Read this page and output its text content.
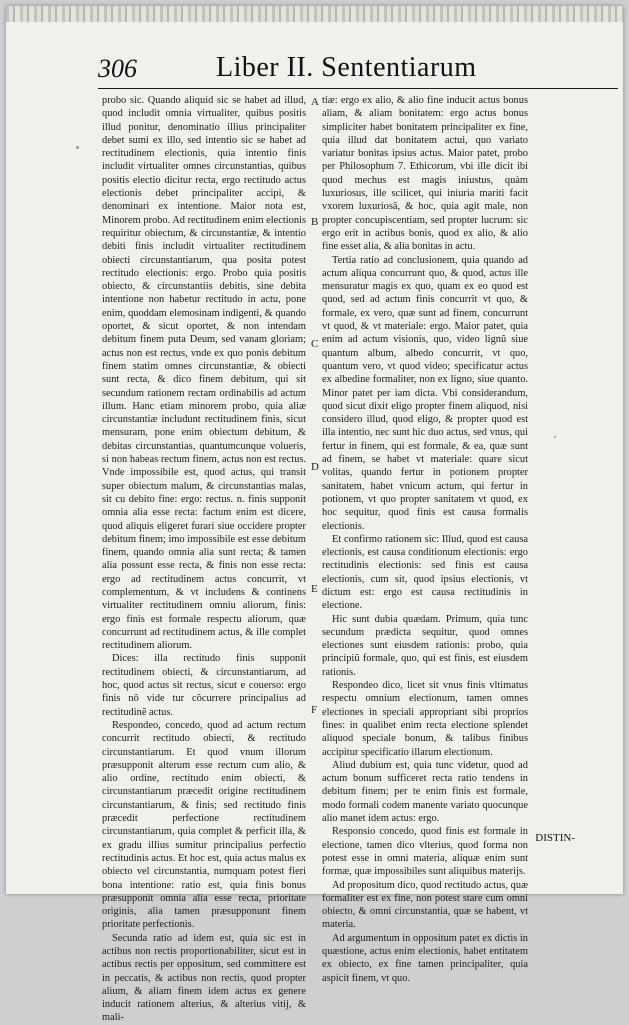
306	Liber II. Sententiarum

probo sic. Quando aliquid sic se habet ad illud, quod includit omnia virtualiter, quibus positis illud ponitur, denominatio illius principaliter debet sumi ex illo, sed intentio sic se habet ad rectitudinem electionis, quia intentio finis includit virtualiter omnes circunstantias, quibus positis electio dicitur recta, ergo rectitudo actus electionis debet principaliter accipi, & denominari ex intentione. Maior nota est, Minorem probo. Ad rectitudinem enim electionis requiritur obiectum, & circunstantiæ, & intentio debiti finis includit virtualiter rectitudinem obiecti circunstantiarum, qua posita potest rectitudo electionis: ergo. Probo quia positis obiecto, & circunstantiis debitis, sine debita intentione non habetur rectitudo in actu, pone enim, quoddam elemosinam indigenti, & quando oportet, & sicut oportet, & non intendam debitum finem puta Deum, sed vanam gloriam; actus non est rectus, vnde ex quo ponis debitum finem statim omnes circunstantiæ, & obiecti sunt recta, & dico finem debitum, qui sit secundum rationem rectam ordinabilis ad actum illum. Hanc etiam minorem probo, quia aliæ circunstantiæ includunt rectitudinem finis, sicut mensuram, pone enim obiectum debitum, & debitas circunstantias, quantumcunque volueris, si non habeas rectum finem, actus non est rectus. Vnde impossibile est, quod actus, qui transit super obiectum malum, & circunstantias malas, sit cu debito fine: ergo: rectus. n. finis supponit omnia alia esse recta: factum enim est dicere, quod aliquis eligeret furari siue occidere propter debitum finem; imo impossibile est esse debitum finem, quando omnia alia sunt recta; & tamen alia possunt esse recta, & finis non esse recta: ergo ad rectitudinem actus concurrit, vt complementum, & vt includens & continens virtualiter rectitudinem omniu aliorum, finis: ergo finis est formale respectu aliorum, quæ concurrunt ad rectitudinem actus, & ille complet rectitudinem aliorum.

Dices: illa rectitudo finis supponit rectitudinem obiecti, & circunstantiarum, ad hoc, quod actus sit rectus, sicut e couerso: ergo finis nõ vide tur cõcurrere principalius ad rectitudinẽ actus.

Respondeo, concedo, quod ad actum rectum concurrit rectitudo obiecti, & rectitudo circunstantiarum. Et quod vnum illorum præsupponit alterum esse rectum cum alio, & alio ordine, rectitudo enim obiecti, & circunstantiarum præcedit origine rectitudinem circunstantiarum, & finis; sed rectitudo finis præcedit perfectione rectitudinem circunstantiarum, quia complet & perficit illa, & ex gradu illius sumitur principalius perfectio rectitudinis actus. Et hoc est, quia actus malus ex obiecto vel circunstantia, numquam potest fieri bona intentione: ratio est, quia finis bonus præsupponit omnia alia esse recta, prioritate originis, alia tamen præsupponunt finem prioritate perfectionis.

Secunda ratio ad idem est, quia sic est in actibus non rectis proportionabiliter, sicut est in actibus rectis per oppositum, sed committere est in peccatis, & actibus non rectis, quod propter alium, & aliam finem idem actus ex genere inducit rationem alterius, & alterius vitij, & mali-

A
B
C
D
E
F

tiæ: ergo ex alio, & alio fine inducit actus bonus aliam, & aliam bonitatem: ergo actus bonus simpliciter habet bonitatem principaliter ex fine, quia illud dat bonitatem actui, quo variato variatur bonitas ipsius actus. Maior patet, probo per Philosophum 7. Ethicorum, vbi ille dicit ibi quod mechus est magis iniustus, quàm luxuriosus, ille scilicet, qui iniuria mariti facit vxorem luxuriosã, & hoc, quia agit male, non propter concupiscentiam, sed propter lucrum: sic ergo erit in actibus bonis, quod ex alio, & alio fine esset alia, & alia bonitas in actu.

Tertia ratio ad conclusionem, quia quando ad actum aliqua concurrunt quo, & quod, actus ille mensuratur magis ex quo, quam ex eo quod est quod, sed ad actum finis concurrit vt quo, & formale, ex vero, quæ sunt ad finem, concurrunt vt quod, & vt materiale: ergo. Maior patet, quia enim ad actum visionis, quo, video lignũ siue quantum album, albedo concurrit, vt quo, quantum vero, vt quod video; specificatur actus ex albedine formaliter, non ex ligno, siue quanto. Minor patet per iam dicta. Vbi considerandum, quod sicut dixit eligo propter finem aliquod, nisi considero illud, quod eligo, & propter quod est illa intentio, nec sunt hic duo actus, sed vnus, qui fertur in finem, qui est formale, & ea, quæ sunt ad finem, se habet vt materiale: quare sicut volitas, quando fertur in potionem propter sanitatem, habet vnicum actum, qui fertur in potionem, vt quo propter sanitatem vt quod, ex hoc sequitur, quod finis est causa formalis electionis.

Et confirmo rationem sic: Illud, quod est causa electionis, est causa conditionum electionis: ergo rectitudinis electionis: sed finis est causa electionis, cum sit, quod ipsius electionis, vt dictum est: ergo est causa rectitudinis in electione.

Hic sunt dubia quædam. Primum, quia tunc secundum prædicta sequitur, quod omnes electiones sunt eiusdem rationis: probo, quia principiũ formale, quo, qui est finis, est eiusdem rationis.

Respondeo dico, licet sit vnus finis vltimatus respectu omnium electionum, tamen omnes electiones in speciali appropriant sibi proprios fines: in qualibet enim recta electione splendet aliquod speciale bonum, & talibus finibus accipitur specificatio illarum electionum.

Aliud dubium est, quia tunc videtur, quod ad actum bonum sufficeret recta ratio tendens in debitum finem; per te enim finis est formale, modo formali codem manente variato quocunque alio manet idem actus: ergo.

Responsio concedo, quod finis est formale in electione, tamen dico vlterius, quod forma non potest esse in omni materia, aliquæ enim sunt formæ, quæ impossibiles sunt aliquibus materijs.

Ad propositum dico, quod rectitudo actus, quæ formaliter est ex fine, non potest stare cum omni obiecto, & omni circunstantia, quæ se habent, vt materia.

Ad argumentum in oppositum patet ex dictis in quæstione, actus enim electionis, habet entitatem ex obiecto, ex fine tamen principaliter, quia aspicit finem, vt quo.

DISTIN-
